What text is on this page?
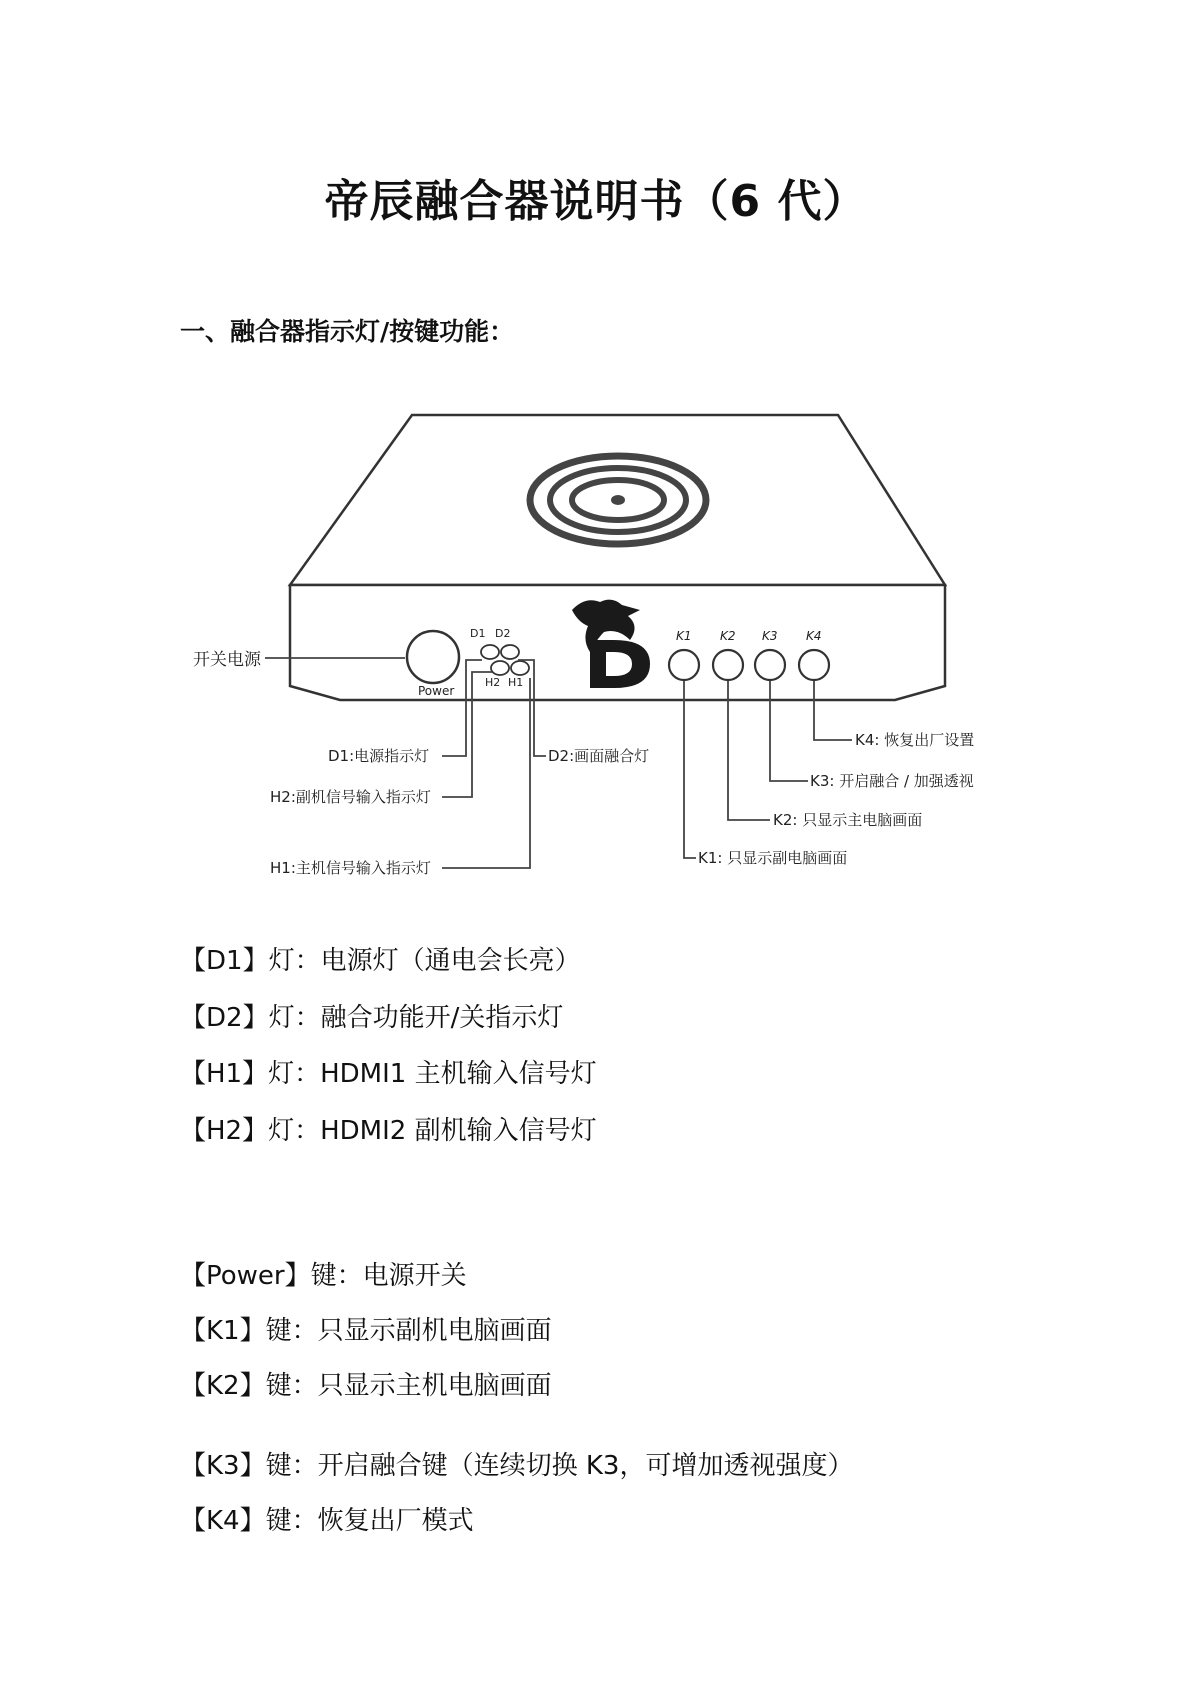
帝辰融合器说明书（6 代）
一、融合器指示灯/按键功能：
Power
D1 D2
H2 H1
K1 K2 K3 K4
开关电源
D1:电源指示灯
H2:副机信号输入指示灯
H1:主机信号输入指示灯
D2:画面融合灯
K4: 恢复出厂设置
K3: 开启融合 / 加强透视
K2: 只显示主电脑画面
K1: 只显示副电脑画面
【D1】灯：电源灯（通电会长亮）
【D2】灯：融合功能开/关指示灯
【H1】灯：HDMI1 主机输入信号灯
【H2】灯：HDMI2 副机输入信号灯
【Power】键：电源开关
【K1】键：只显示副机电脑画面
【K2】键：只显示主机电脑画面
【K3】键：开启融合键（连续切换 K3，可增加透视强度）
【K4】键：恢复出厂模式
